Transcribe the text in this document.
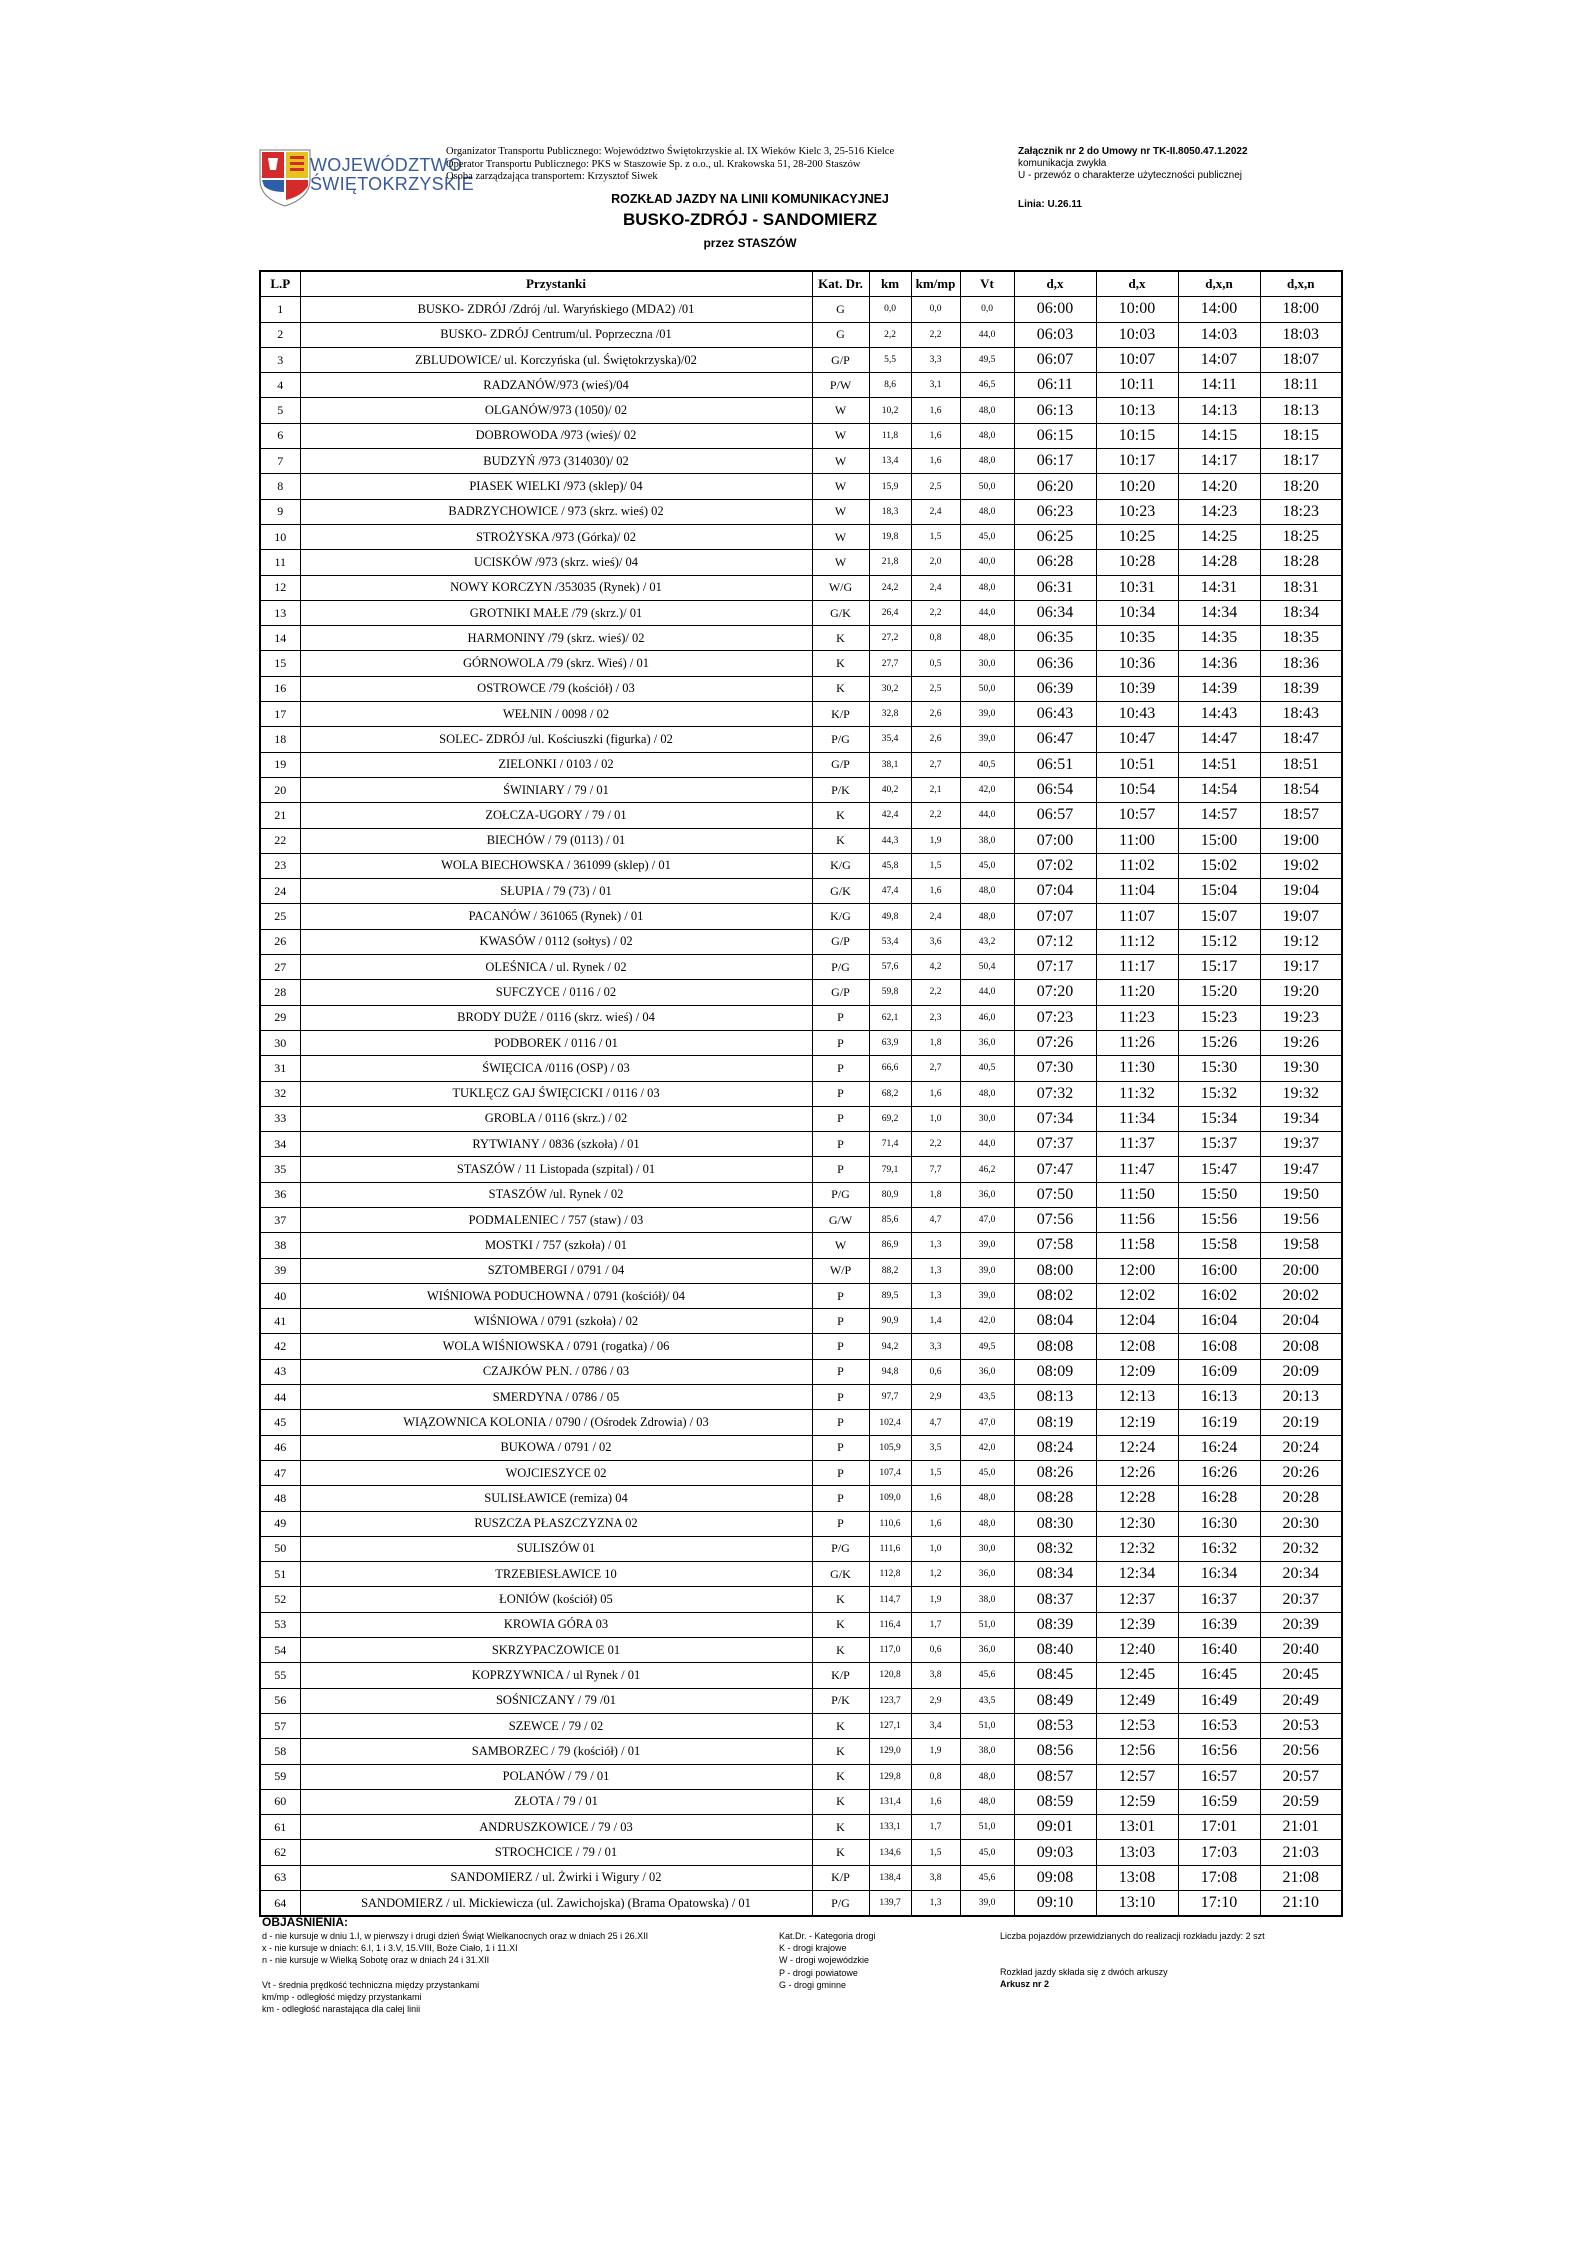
WOJEWÓDZTWO
ŚWIĘTOKRZYSKIE
Organizator Transportu Publicznego: Województwo Świętokrzyskie al. IX Wieków Kielc 3, 25-516 Kielce
Operator Transportu Publicznego: PKS w Staszowie Sp. z o.o., ul. Krakowska 51, 28-200 Staszów
Osoba zarządzająca transportem: Krzysztof Siwek
ROZKŁAD JAZDY NA LINII KOMUNIKACYJNEJ
BUSKO-ZDRÓJ - SANDOMIERZ
przez STASZÓW
Załącznik nr 2 do Umowy nr TK-II.8050.47.1.2022
komunikacja zwykła
U - przewóz o charakterze użyteczności publicznej
Linia: U.26.11
L.P	Przystanki	Kat. Dr.	km	km/mp	Vt	d,x	d,x	d,x,n	d,x,n
1	BUSKO- ZDRÓJ /Zdrój /ul. Waryńskiego (MDA2) /01	G	0,0	0,0	0,0	06:00	10:00	14:00	18:00
2	BUSKO- ZDRÓJ Centrum/ul. Poprzeczna /01	G	2,2	2,2	44,0	06:03	10:03	14:03	18:03
3	ZBLUDOWICE/ ul. Korczyńska (ul. Świętokrzyska)/02	G/P	5,5	3,3	49,5	06:07	10:07	14:07	18:07
4	RADZANÓW/973 (wieś)/04	P/W	8,6	3,1	46,5	06:11	10:11	14:11	18:11
5	OLGANÓW/973 (1050)/ 02	W	10,2	1,6	48,0	06:13	10:13	14:13	18:13
6	DOBROWODA /973 (wieś)/ 02	W	11,8	1,6	48,0	06:15	10:15	14:15	18:15
7	BUDZYŃ /973 (314030)/ 02	W	13,4	1,6	48,0	06:17	10:17	14:17	18:17
8	PIASEK WIELKI /973 (sklep)/ 04	W	15,9	2,5	50,0	06:20	10:20	14:20	18:20
9	BADRZYCHOWICE / 973 (skrz. wieś) 02	W	18,3	2,4	48,0	06:23	10:23	14:23	18:23
10	STROŻYSKA /973 (Górka)/ 02	W	19,8	1,5	45,0	06:25	10:25	14:25	18:25
11	UCISKÓW /973 (skrz. wieś)/ 04	W	21,8	2,0	40,0	06:28	10:28	14:28	18:28
12	NOWY KORCZYN /353035 (Rynek) / 01	W/G	24,2	2,4	48,0	06:31	10:31	14:31	18:31
13	GROTNIKI MAŁE /79 (skrz.)/ 01	G/K	26,4	2,2	44,0	06:34	10:34	14:34	18:34
14	HARMONINY /79 (skrz. wieś)/ 02	K	27,2	0,8	48,0	06:35	10:35	14:35	18:35
15	GÓRNOWOLA /79 (skrz. Wieś) / 01	K	27,7	0,5	30,0	06:36	10:36	14:36	18:36
16	OSTROWCE /79 (kościół) / 03	K	30,2	2,5	50,0	06:39	10:39	14:39	18:39
17	WEŁNIN / 0098 / 02	K/P	32,8	2,6	39,0	06:43	10:43	14:43	18:43
18	SOLEC- ZDRÓJ /ul. Kościuszki (figurka) / 02	P/G	35,4	2,6	39,0	06:47	10:47	14:47	18:47
19	ZIELONKI / 0103 / 02	G/P	38,1	2,7	40,5	06:51	10:51	14:51	18:51
20	ŚWINIARY / 79 / 01	P/K	40,2	2,1	42,0	06:54	10:54	14:54	18:54
21	ZOŁCZA-UGORY / 79 / 01	K	42,4	2,2	44,0	06:57	10:57	14:57	18:57
22	BIECHÓW / 79 (0113) / 01	K	44,3	1,9	38,0	07:00	11:00	15:00	19:00
23	WOLA BIECHOWSKA / 361099 (sklep) / 01	K/G	45,8	1,5	45,0	07:02	11:02	15:02	19:02
24	SŁUPIA / 79 (73) / 01	G/K	47,4	1,6	48,0	07:04	11:04	15:04	19:04
25	PACANÓW / 361065 (Rynek) / 01	K/G	49,8	2,4	48,0	07:07	11:07	15:07	19:07
26	KWASÓW / 0112 (sołtys) / 02	G/P	53,4	3,6	43,2	07:12	11:12	15:12	19:12
27	OLEŚNICA / ul. Rynek / 02	P/G	57,6	4,2	50,4	07:17	11:17	15:17	19:17
28	SUFCZYCE / 0116 / 02	G/P	59,8	2,2	44,0	07:20	11:20	15:20	19:20
29	BRODY DUŻE / 0116 (skrz. wieś) / 04	P	62,1	2,3	46,0	07:23	11:23	15:23	19:23
30	PODBOREK / 0116 / 01	P	63,9	1,8	36,0	07:26	11:26	15:26	19:26
31	ŚWIĘCICA /0116 (OSP) / 03	P	66,6	2,7	40,5	07:30	11:30	15:30	19:30
32	TUKLĘCZ GAJ ŚWIĘCICKI / 0116 / 03	P	68,2	1,6	48,0	07:32	11:32	15:32	19:32
33	GROBLA / 0116 (skrz.) / 02	P	69,2	1,0	30,0	07:34	11:34	15:34	19:34
34	RYTWIANY / 0836 (szkoła) / 01	P	71,4	2,2	44,0	07:37	11:37	15:37	19:37
35	STASZÓW / 11 Listopada (szpital) / 01	P	79,1	7,7	46,2	07:47	11:47	15:47	19:47
36	STASZÓW /ul. Rynek / 02	P/G	80,9	1,8	36,0	07:50	11:50	15:50	19:50
37	PODMALENIEC / 757 (staw) / 03	G/W	85,6	4,7	47,0	07:56	11:56	15:56	19:56
38	MOSTKI / 757 (szkoła) / 01	W	86,9	1,3	39,0	07:58	11:58	15:58	19:58
39	SZTOMBERGI / 0791 / 04	W/P	88,2	1,3	39,0	08:00	12:00	16:00	20:00
40	WIŚNIOWA PODUCHOWNA / 0791 (kościół)/ 04	P	89,5	1,3	39,0	08:02	12:02	16:02	20:02
41	WIŚNIOWA / 0791 (szkoła) / 02	P	90,9	1,4	42,0	08:04	12:04	16:04	20:04
42	WOLA WIŚNIOWSKA / 0791 (rogatka) / 06	P	94,2	3,3	49,5	08:08	12:08	16:08	20:08
43	CZAJKÓW PŁN. / 0786 / 03	P	94,8	0,6	36,0	08:09	12:09	16:09	20:09
44	SMERDYNA / 0786 / 05	P	97,7	2,9	43,5	08:13	12:13	16:13	20:13
45	WIĄZOWNICA KOLONIA / 0790 / (Ośrodek Zdrowia) / 03	P	102,4	4,7	47,0	08:19	12:19	16:19	20:19
46	BUKOWA / 0791 / 02	P	105,9	3,5	42,0	08:24	12:24	16:24	20:24
47	WOJCIESZYCE 02	P	107,4	1,5	45,0	08:26	12:26	16:26	20:26
48	SULISŁAWICE (remiza) 04	P	109,0	1,6	48,0	08:28	12:28	16:28	20:28
49	RUSZCZA PŁASZCZYZNA 02	P	110,6	1,6	48,0	08:30	12:30	16:30	20:30
50	SULISZÓW 01	P/G	111,6	1,0	30,0	08:32	12:32	16:32	20:32
51	TRZEBIESŁAWICE 10	G/K	112,8	1,2	36,0	08:34	12:34	16:34	20:34
52	ŁONIÓW (kościół) 05	K	114,7	1,9	38,0	08:37	12:37	16:37	20:37
53	KROWIA GÓRA 03	K	116,4	1,7	51,0	08:39	12:39	16:39	20:39
54	SKRZYPACZOWICE 01	K	117,0	0,6	36,0	08:40	12:40	16:40	20:40
55	KOPRZYWNICA / ul Rynek / 01	K/P	120,8	3,8	45,6	08:45	12:45	16:45	20:45
56	SOŚNICZANY / 79 /01	P/K	123,7	2,9	43,5	08:49	12:49	16:49	20:49
57	SZEWCE / 79 / 02	K	127,1	3,4	51,0	08:53	12:53	16:53	20:53
58	SAMBORZEC / 79 (kościół) / 01	K	129,0	1,9	38,0	08:56	12:56	16:56	20:56
59	POLANÓW / 79 / 01	K	129,8	0,8	48,0	08:57	12:57	16:57	20:57
60	ZŁOTA / 79 / 01	K	131,4	1,6	48,0	08:59	12:59	16:59	20:59
61	ANDRUSZKOWICE / 79 / 03	K	133,1	1,7	51,0	09:01	13:01	17:01	21:01
62	STROCHCICE / 79 / 01	K	134,6	1,5	45,0	09:03	13:03	17:03	21:03
63	SANDOMIERZ / ul. Żwirki i Wigury / 02	K/P	138,4	3,8	45,6	09:08	13:08	17:08	21:08
64	SANDOMIERZ / ul. Mickiewicza (ul. Zawichojska) (Brama Opatowska) / 01	P/G	139,7	1,3	39,0	09:10	13:10	17:10	21:10
OBJAŚNIENIA:
d - nie kursuje w dniu 1.I, w pierwszy i drugi dzień Świąt Wielkanocnych oraz w dniach 25 i 26.XII
x - nie kursuje w dniach: 6.I, 1 i 3.V, 15.VIII, Boże Ciało, 1 i 11.XI
n - nie kursuje w Wielką Sobotę oraz w dniach 24 i 31.XII
Vt - średnia prędkość techniczna między przystankami
km/mp - odległość między przystankami
km - odległość narastająca dla całej linii
Kat.Dr. - Kategoria drogi
K - drogi krajowe
W - drogi wojewódzkie
P - drogi powiatowe
G - drogi gminne
Liczba pojazdów przewidzianych do realizacji rozkładu jazdy: 2 szt
Rozkład jazdy składa się z dwóch arkuszy
Arkusz nr 2
